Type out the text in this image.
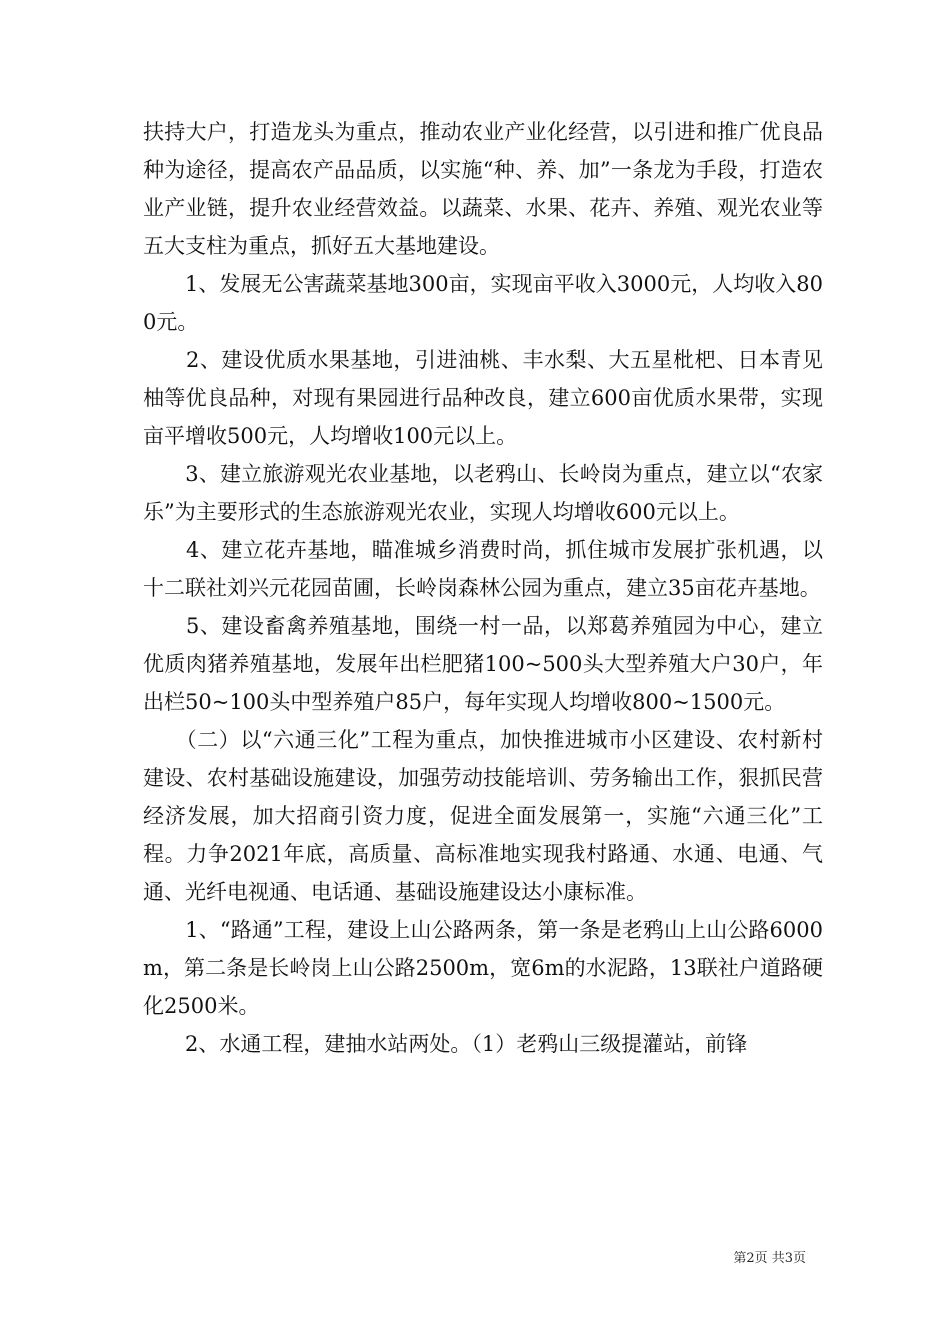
扶持大户，打造龙头为重点，推动农业产业化经营，以引进和推广优良品种为途径，提高农产品品质，以实施“种、养、加”一条龙为手段，打造农业产业链，提升农业经营效益。以蔬菜、水果、花卉、养殖、观光农业等五大支柱为重点，抓好五大基地建设。

　　1、发展无公害蔬菜基地300亩，实现亩平收入3000元，人均收入800元。

　　2、建设优质水果基地，引进油桃、丰水梨、大五星枇杷、日本青见柚等优良品种，对现有果园进行品种改良，建立600亩优质水果带，实现亩平增收500元，人均增收100元以上。

　　3、建立旅游观光农业基地，以老鸦山、长岭岗为重点，建立以“农家乐”为主要形式的生态旅游观光农业，实现人均增收600元以上。

　　4、建立花卉基地，瞄准城乡消费时尚，抓住城市发展扩张机遇，以十二联社刘兴元花园苗圃，长岭岗森林公园为重点，建立35亩花卉基地。

　　5、建设畜禽养殖基地，围绕一村一品，以郑葛养殖园为中心，建立优质肉猪养殖基地，发展年出栏肥猪100~500头大型养殖大户30户，年出栏50~100头中型养殖户85户，每年实现人均增收800~1500元。

　　（二）以“六通三化”工程为重点，加快推进城市小区建设、农村新村建设、农村基础设施建设，加强劳动技能培训、劳务输出工作，狠抓民营经济发展，加大招商引资力度，促进全面发展第一，实施“六通三化”工程。力争2021年底，高质量、高标准地实现我村路通、水通、电通、气通、光纤电视通、电话通、基础设施建设达小康标准。

　　1、“路通”工程，建设上山公路两条，第一条是老鸦山上山公路6000m，第二条是长岭岗上山公路2500m，宽6m的水泥路，13联社户道路硬化2500米。

　　2、水通工程，建抽水站两处。（1）老鸦山三级提灌站，前锋

第2页 共3页
